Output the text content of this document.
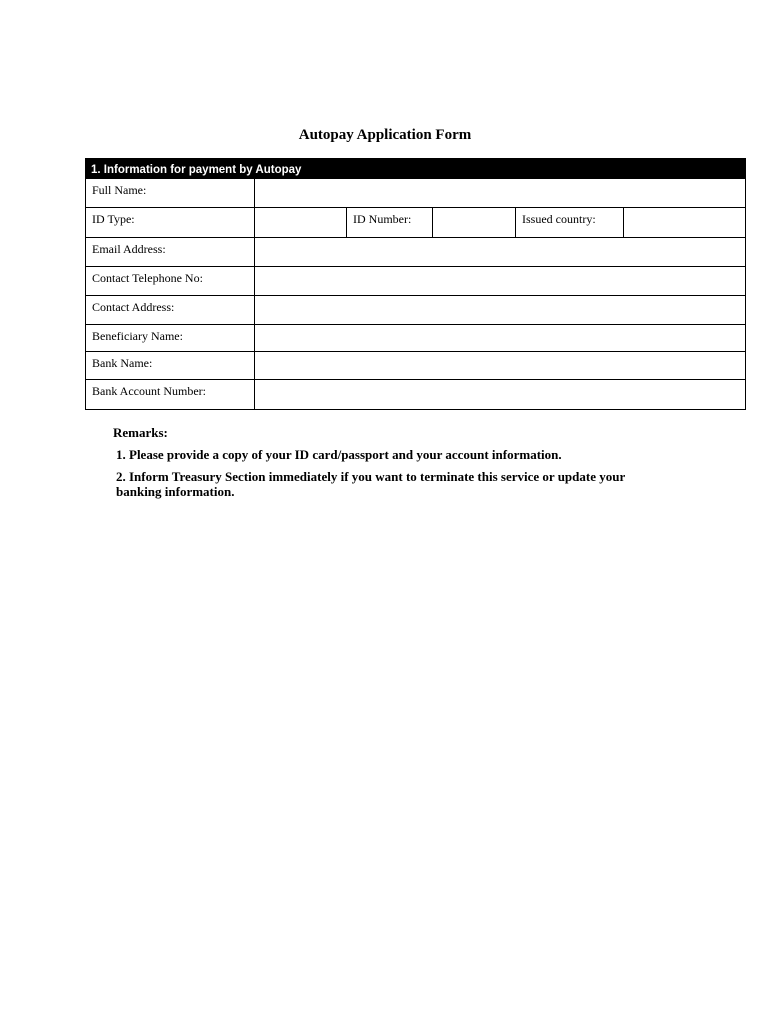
Autopay Application Form
1. Information for payment by Autopay					
Full Name:					
ID Type:		ID Number:		Issued country:	
Email Address:					
Contact Telephone No:					
Contact Address:					
Beneficiary Name:					
Bank Name:					
Bank Account Number:					
Remarks:
1. Please provide a copy of your ID card/passport and your account information.
2. Inform Treasury Section immediately if you want to terminate this service or update your banking information.
